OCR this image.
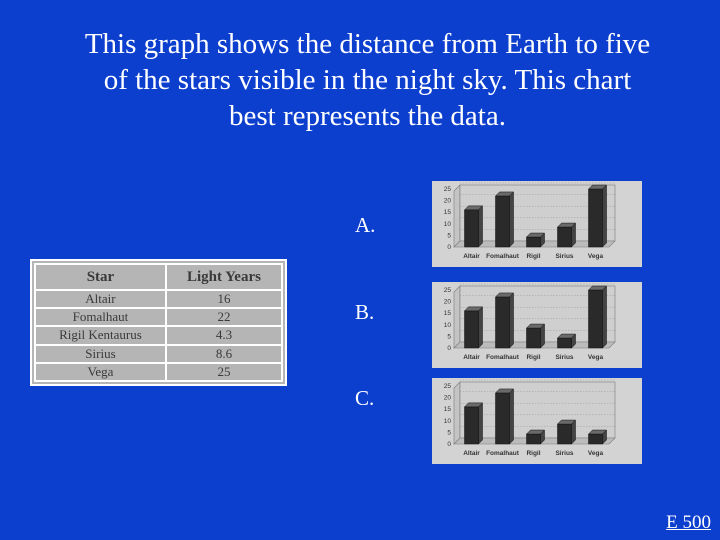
This graph shows the distance from Earth to five of the stars visible in the night sky. This chart best represents the data.

Star	Light Years
Altair	16
Fomalhaut	22
Rigil Kentaurus	4.3
Sirius	8.6
Vega	25
A.
B.
C.
0
5
10
15
20
25
Altair Fomalhaut Rigil Sirius Vega
0
5
10
15
20
25
Altair Fomalhaut Rigil Sirius Vega
0
5
10
15
20
25
Altair Fomalhaut Rigil Sirius Vega
E 500
